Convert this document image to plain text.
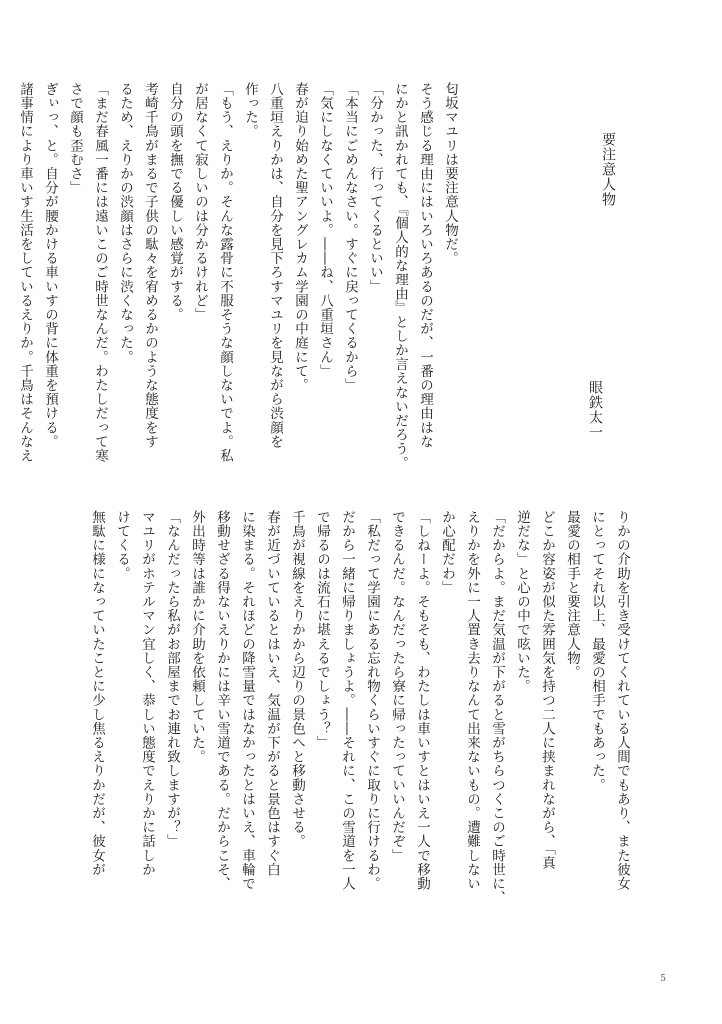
要注意人物
眼鉄太一

匂坂マユリは要注意人物だ。

そう感じる理由にはいろいろあるのだが、一番の理由はな

にかと訊かれても、『個人的な理由』としか言えないだろう。

「分かった、行ってくるといい」

「本当にごめんなさい。すぐに戻ってくるから」

「気にしなくていいよ。――ね、八重垣さん」

春が迫り始めた聖アングレカム学園の中庭にて。

八重垣えりかは、自分を見下ろすマユリを見ながら渋顔を

作った。

「もう、えりか。そんな露骨に不服そうな顔しないでよ。私

が居なくて寂しいのは分かるけれど」

自分の頭を撫でる優しい感覚がする。

考崎千鳥がまるで子供の駄々を宥めるかのような態度をす

るため、えりかの渋顔はさらに渋くなった。

「まだ春風一番には遠いこのご時世なんだ。わたしだって寒

さで顔も歪むさ」

ぎぃっ、と。自分が腰かける車いすの背に体重を預ける。

諸事情により車いす生活をしているえりか。千鳥はそんなえ

りかの介助を引き受けてくれている人間でもあり、また彼女

にとってそれ以上、最愛の相手でもあった。

最愛の相手と要注意人物。

どこか容姿が似た雰囲気を持つ二人に挟まれながら、「真

逆だな」と心の中で呟いた。

「だからよ。まだ気温が下がると雪がちらつくこのご時世に、

えりかを外に一人置き去りなんて出来ないもの。遭難しない

か心配だわ」

「しねーよ。そもそも、わたしは車いすとはいえ一人で移動

できるんだ。なんだったら寮に帰ったっていいんだぞ」

「私だって学園にある忘れ物くらいすぐに取りに行けるわ。

だから一緒に帰りましょうよ。――それに、この雪道を一人

で帰るのは流石に堪えるでしょう？」

千鳥が視線をえりかから辺りの景色へと移動させる。

春が近づいているとはいえ、気温が下がると景色はすぐ白

に染まる。それほどの降雪量ではなかったとはいえ、車輪で

移動せざる得ないえりかには辛い雪道である。だからこそ、

外出時等は誰かに介助を依頼していた。

「なんだったら私がお部屋までお連れ致しますが？」

マユリがホテルマン宜しく、恭しい態度でえりかに話しか

けてくる。

無駄に様になっていたことに少し焦るえりかだが、彼女が

5
